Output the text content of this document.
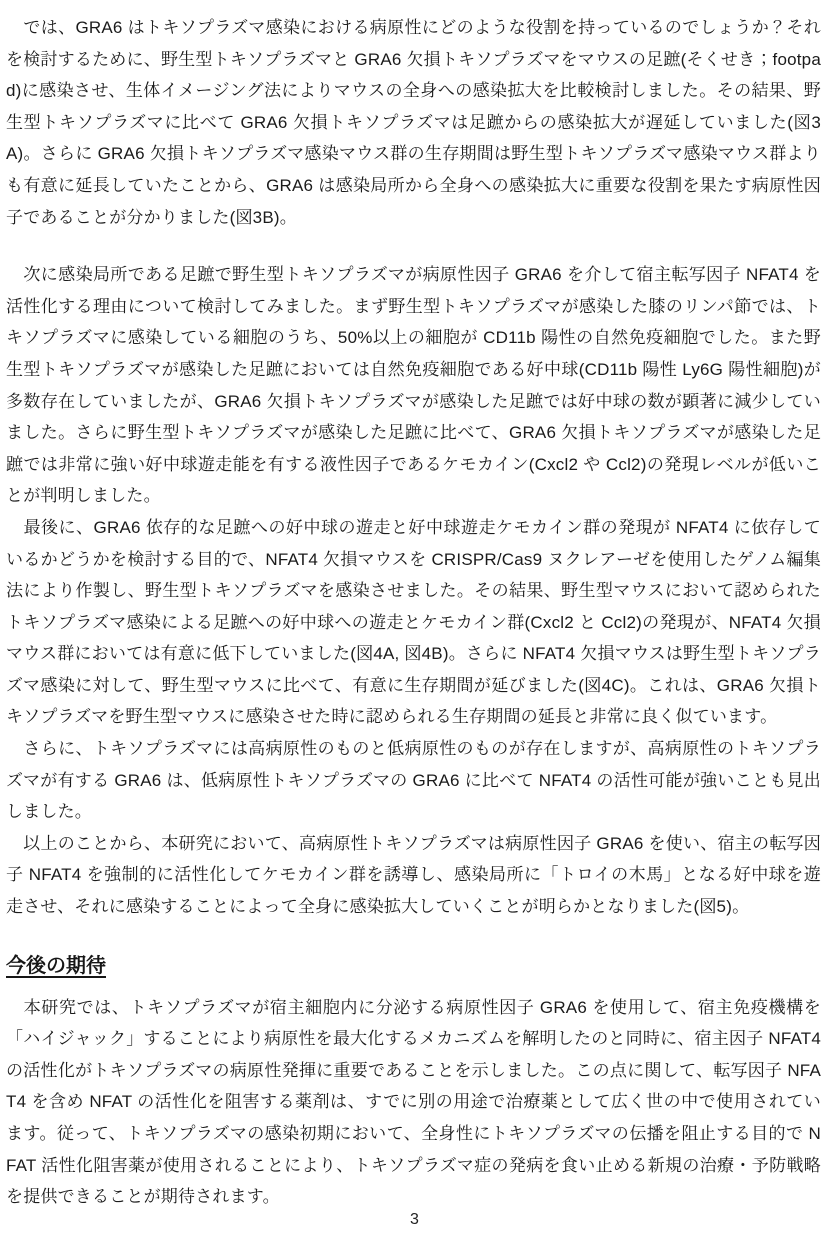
　では、GRA6 はトキソプラズマ感染における病原性にどのような役割を持っているのでしょうか？それを検討するために、野生型トキソプラズマと GRA6 欠損トキソプラズマをマウスの足蹠(そくせき；footpad)に感染させ、生体イメージング法によりマウスの全身への感染拡大を比較検討しました。その結果、野生型トキソプラズマに比べて GRA6 欠損トキソプラズマは足蹠からの感染拡大が遅延していました(図3A)。さらに GRA6 欠損トキソプラズマ感染マウス群の生存期間は野生型トキソプラズマ感染マウス群よりも有意に延長していたことから、GRA6 は感染局所から全身への感染拡大に重要な役割を果たす病原性因子であることが分かりました(図3B)。

　次に感染局所である足蹠で野生型トキソプラズマが病原性因子 GRA6 を介して宿主転写因子 NFAT4 を活性化する理由について検討してみました。まず野生型トキソプラズマが感染した膝のリンパ節では、トキソプラズマに感染している細胞のうち、50%以上の細胞が CD11b 陽性の自然免疫細胞でした。また野生型トキソプラズマが感染した足蹠においては自然免疫細胞である好中球(CD11b 陽性 Ly6G 陽性細胞)が多数存在していましたが、GRA6 欠損トキソプラズマが感染した足蹠では好中球の数が顕著に減少していました。さらに野生型トキソプラズマが感染した足蹠に比べて、GRA6 欠損トキソプラズマが感染した足蹠では非常に強い好中球遊走能を有する液性因子であるケモカイン(Cxcl2 や Ccl2)の発現レベルが低いことが判明しました。

　最後に、GRA6 依存的な足蹠への好中球の遊走と好中球遊走ケモカイン群の発現が NFAT4 に依存しているかどうかを検討する目的で、NFAT4 欠損マウスを CRISPR/Cas9 ヌクレアーゼを使用したゲノム編集法により作製し、野生型トキソプラズマを感染させました。その結果、野生型マウスにおいて認められたトキソプラズマ感染による足蹠への好中球への遊走とケモカイン群(Cxcl2 と Ccl2)の発現が、NFAT4 欠損マウス群においては有意に低下していました(図4A, 図4B)。さらに NFAT4 欠損マウスは野生型トキソプラズマ感染に対して、野生型マウスに比べて、有意に生存期間が延びました(図4C)。これは、GRA6 欠損トキソプラズマを野生型マウスに感染させた時に認められる生存期間の延長と非常に良く似ています。

　さらに、トキソプラズマには高病原性のものと低病原性のものが存在しますが、高病原性のトキソプラズマが有する GRA6 は、低病原性トキソプラズマの GRA6 に比べて NFAT4 の活性可能が強いことも見出しました。

　以上のことから、本研究において、高病原性トキソプラズマは病原性因子 GRA6 を使い、宿主の転写因子 NFAT4 を強制的に活性化してケモカイン群を誘導し、感染局所に「トロイの木馬」となる好中球を遊走させ、それに感染することによって全身に感染拡大していくことが明らかとなりました(図5)。

今後の期待

　本研究では、トキソプラズマが宿主細胞内に分泌する病原性因子 GRA6 を使用して、宿主免疫機構を「ハイジャック」することにより病原性を最大化するメカニズムを解明したのと同時に、宿主因子 NFAT4 の活性化がトキソプラズマの病原性発揮に重要であることを示しました。この点に関して、転写因子 NFAT4 を含め NFAT の活性化を阻害する薬剤は、すでに別の用途で治療薬として広く世の中で使用されています。従って、トキソプラズマの感染初期において、全身性にトキソプラズマの伝播を阻止する目的で NFAT 活性化阻害薬が使用されることにより、トキソプラズマ症の発病を食い止める新規の治療・予防戦略を提供できることが期待されます。

3
